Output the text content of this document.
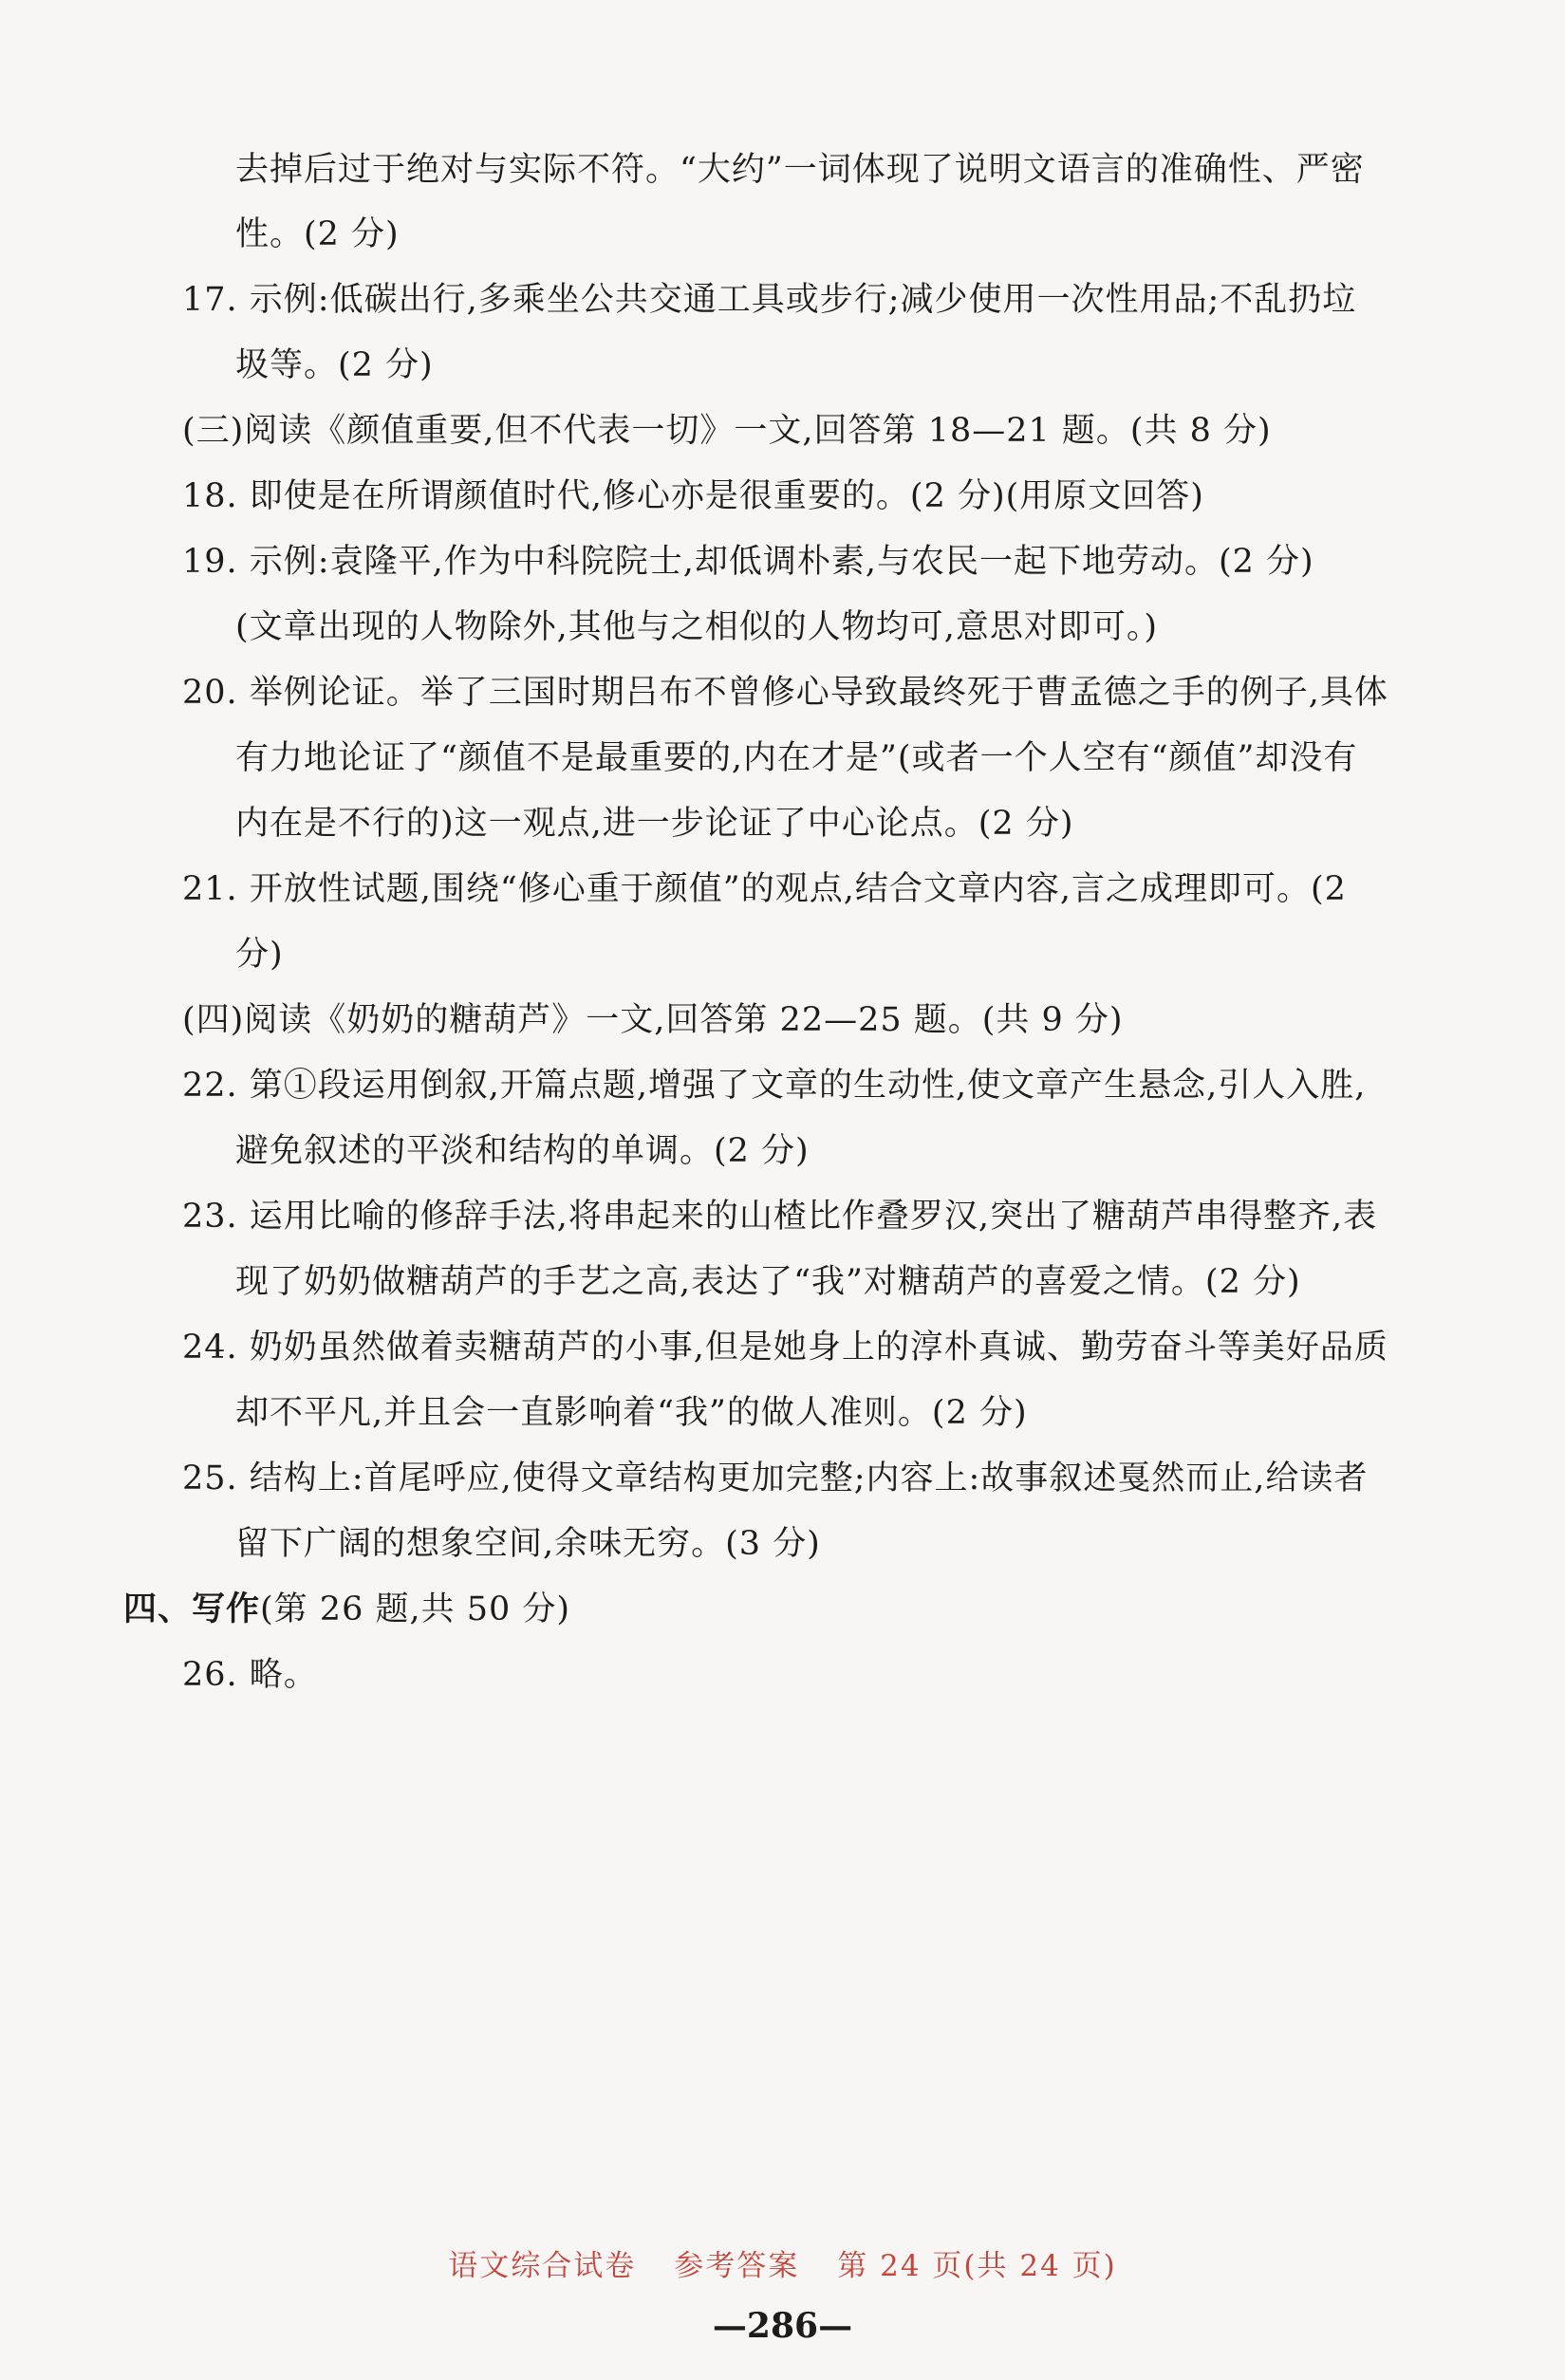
去掉后过于绝对与实际不符。“大约”一词体现了说明文语言的准确性、严密

性。(2 分)

17. 示例:低碳出行,多乘坐公共交通工具或步行;减少使用一次性用品;不乱扔垃

圾等。(2 分)

(三)阅读《颜值重要,但不代表一切》一文,回答第 18—21 题。(共 8 分)

18. 即使是在所谓颜值时代,修心亦是很重要的。(2 分)(用原文回答)

19. 示例:袁隆平,作为中科院院士,却低调朴素,与农民一起下地劳动。(2 分)

(文章出现的人物除外,其他与之相似的人物均可,意思对即可。)

20. 举例论证。举了三国时期吕布不曾修心导致最终死于曹孟德之手的例子,具体

有力地论证了“颜值不是最重要的,内在才是”(或者一个人空有“颜值”却没有

内在是不行的)这一观点,进一步论证了中心论点。(2 分)

21. 开放性试题,围绕“修心重于颜值”的观点,结合文章内容,言之成理即可。(2

分)

(四)阅读《奶奶的糖葫芦》一文,回答第 22—25 题。(共 9 分)

22. 第①段运用倒叙,开篇点题,增强了文章的生动性,使文章产生悬念,引人入胜,

避免叙述的平淡和结构的单调。(2 分)

23. 运用比喻的修辞手法,将串起来的山楂比作叠罗汉,突出了糖葫芦串得整齐,表

现了奶奶做糖葫芦的手艺之高,表达了“我”对糖葫芦的喜爱之情。(2 分)

24. 奶奶虽然做着卖糖葫芦的小事,但是她身上的淳朴真诚、勤劳奋斗等美好品质

却不平凡,并且会一直影响着“我”的做人准则。(2 分)

25. 结构上:首尾呼应,使得文章结构更加完整;内容上:故事叙述戛然而止,给读者

留下广阔的想象空间,余味无穷。(3 分)

四、写作(第 26 题,共 50 分)

26. 略。

语文综合试卷 参考答案 第 24 页(共 24 页)
—286—
